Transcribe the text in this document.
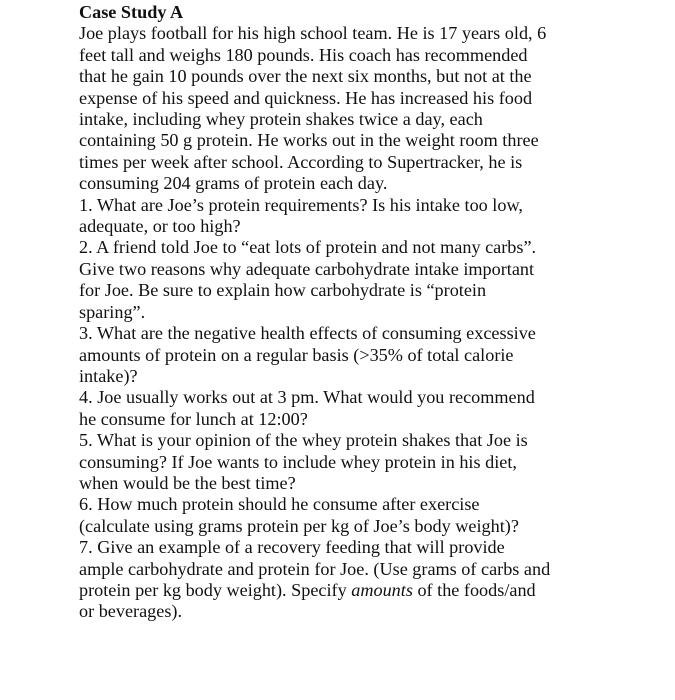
Case Study A
Joe plays football for his high school team. He is 17 years old, 6
feet tall and weighs 180 pounds. His coach has recommended
that he gain 10 pounds over the next six months, but not at the
expense of his speed and quickness. He has increased his food
intake, including whey protein shakes twice a day, each
containing 50 g protein. He works out in the weight room three
times per week after school. According to Supertracker, he is
consuming 204 grams of protein each day.
1. What are Joe’s protein requirements? Is his intake too low,
adequate, or too high?
2. A friend told Joe to “eat lots of protein and not many carbs”.
Give two reasons why adequate carbohydrate intake important
for Joe. Be sure to explain how carbohydrate is “protein
sparing”.
3. What are the negative health effects of consuming excessive
amounts of protein on a regular basis (>35% of total calorie
intake)?
4. Joe usually works out at 3 pm. What would you recommend
he consume for lunch at 12:00?
5. What is your opinion of the whey protein shakes that Joe is
consuming? If Joe wants to include whey protein in his diet,
when would be the best time?
6. How much protein should he consume after exercise
(calculate using grams protein per kg of Joe’s body weight)?
7. Give an example of a recovery feeding that will provide
ample carbohydrate and protein for Joe. (Use grams of carbs and
protein per kg body weight). Specify amounts of the foods/and
or beverages).
